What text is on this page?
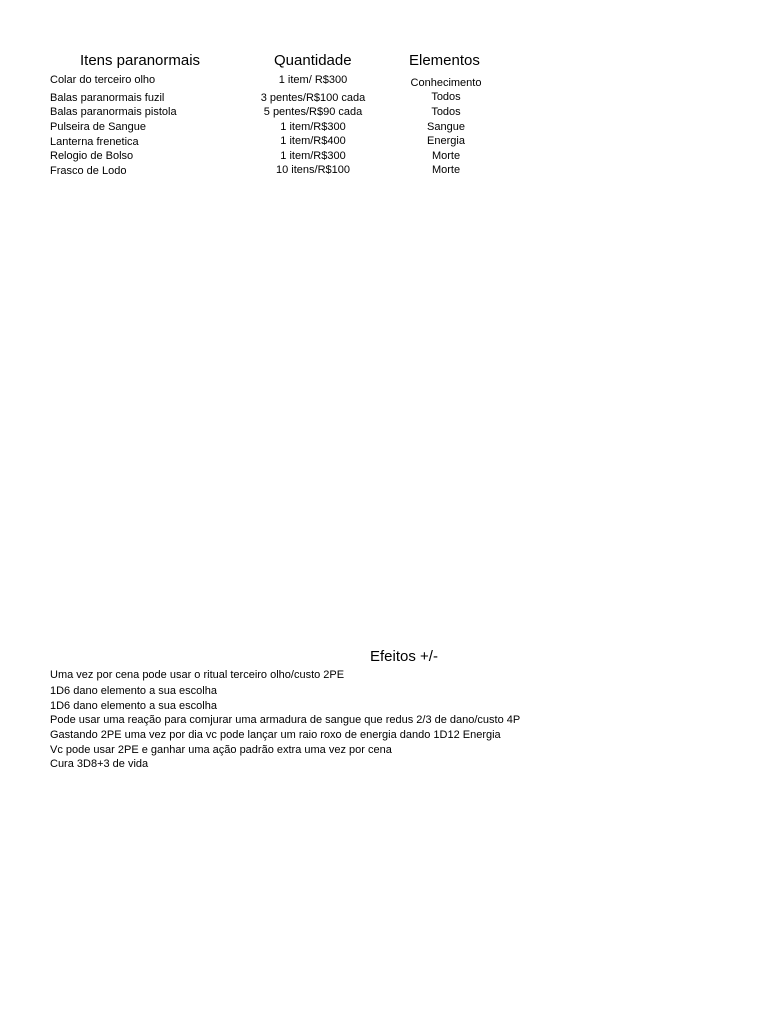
Itens paranormais	Quantidade	Elementos
Colar do terceiro olho	1 item/ R$300	Conhecimento
Balas paranormais fuzil	3 pentes/R$100 cada	Todos
Balas paranormais pistola	5 pentes/R$90 cada	Todos
Pulseira de Sangue	1 item/R$300	Sangue
Lanterna frenetica	1 item/R$400	Energia
Relogio de Bolso	1 item/R$300	Morte
Frasco de Lodo	10 itens/R$100	Morte
Efeitos +/-
Uma vez por cena pode usar o ritual terceiro olho/custo 2PE
1D6 dano elemento a sua escolha
1D6 dano elemento a sua escolha
Pode usar uma reação para comjurar uma armadura de sangue que redus 2/3 de dano/custo 4P
Gastando 2PE uma vez por dia vc pode lançar um raio roxo de energia dando 1D12 Energia
Vc pode usar 2PE e ganhar uma ação padrão extra uma vez por cena
Cura 3D8+3 de vida
